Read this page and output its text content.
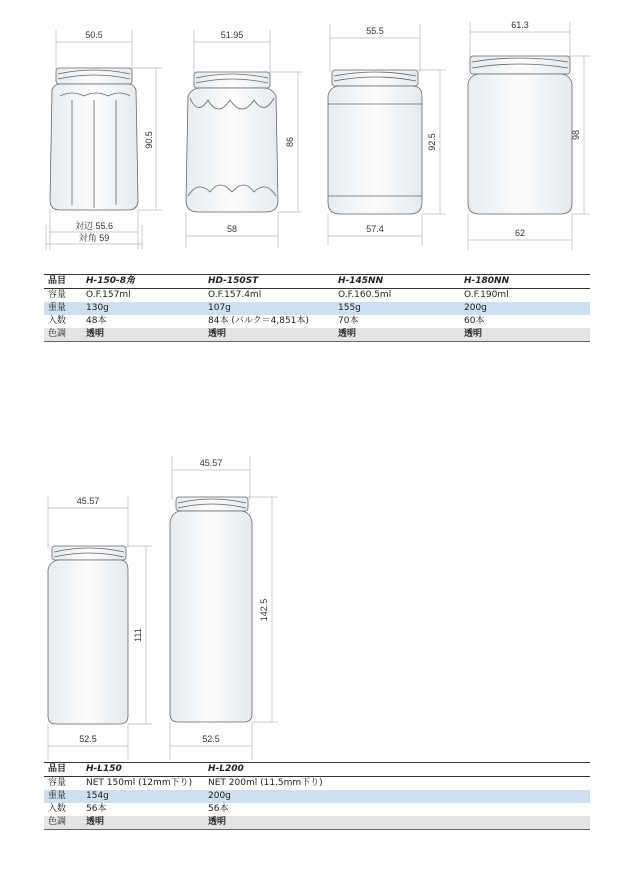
50.5
90.5
対辺 55.6
対角 59
51.95
86
58
55.5
92.5
57.4
61.3
98
62
45.57
111
52.5
45.57
142.5
52.5
品目	H-150-8角	HD-150ST	H-145NN	H-180NN
容量	O.F.157ml	O.F.157.4ml	O.F.160.5ml	O.F.190ml
重量	130g	107g	155g	200g
入数	48本	84本 (バルク＝4,851本)	70本	60本
色調	透明	透明	透明	透明
品目	H-L150	H-L200
容量	NET 150ml (12mm下り)	NET 200ml (11.5mm下り)
重量	154g	200g
入数	56本	56本
色調	透明	透明
